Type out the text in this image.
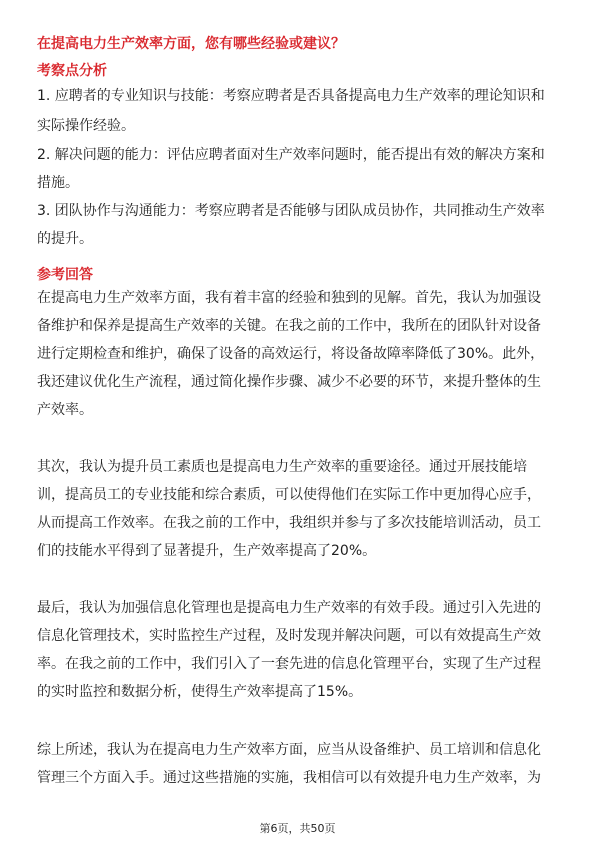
在提高电力生产效率方面，您有哪些经验或建议？
考察点分析
1. 应聘者的专业知识与技能：考察应聘者是否具备提高电力生产效率的理论知识和
实际操作经验。
2. 解决问题的能力：评估应聘者面对生产效率问题时，能否提出有效的解决方案和
措施。
3. 团队协作与沟通能力：考察应聘者是否能够与团队成员协作，共同推动生产效率
的提升。
参考回答
在提高电力生产效率方面，我有着丰富的经验和独到的见解。首先，我认为加强设
备维护和保养是提高生产效率的关键。在我之前的工作中，我所在的团队针对设备
进行定期检查和维护，确保了设备的高效运行，将设备故障率降低了30%。此外，
我还建议优化生产流程，通过简化操作步骤、减少不必要的环节，来提升整体的生
产效率。
其次，我认为提升员工素质也是提高电力生产效率的重要途径。通过开展技能培
训，提高员工的专业技能和综合素质，可以使得他们在实际工作中更加得心应手，
从而提高工作效率。在我之前的工作中，我组织并参与了多次技能培训活动，员工
们的技能水平得到了显著提升，生产效率提高了20%。
最后，我认为加强信息化管理也是提高电力生产效率的有效手段。通过引入先进的
信息化管理技术，实时监控生产过程，及时发现并解决问题，可以有效提高生产效
率。在我之前的工作中，我们引入了一套先进的信息化管理平台，实现了生产过程
的实时监控和数据分析，使得生产效率提高了15%。
综上所述，我认为在提高电力生产效率方面，应当从设备维护、员工培训和信息化
管理三个方面入手。通过这些措施的实施，我相信可以有效提升电力生产效率，为
第6页，共50页
